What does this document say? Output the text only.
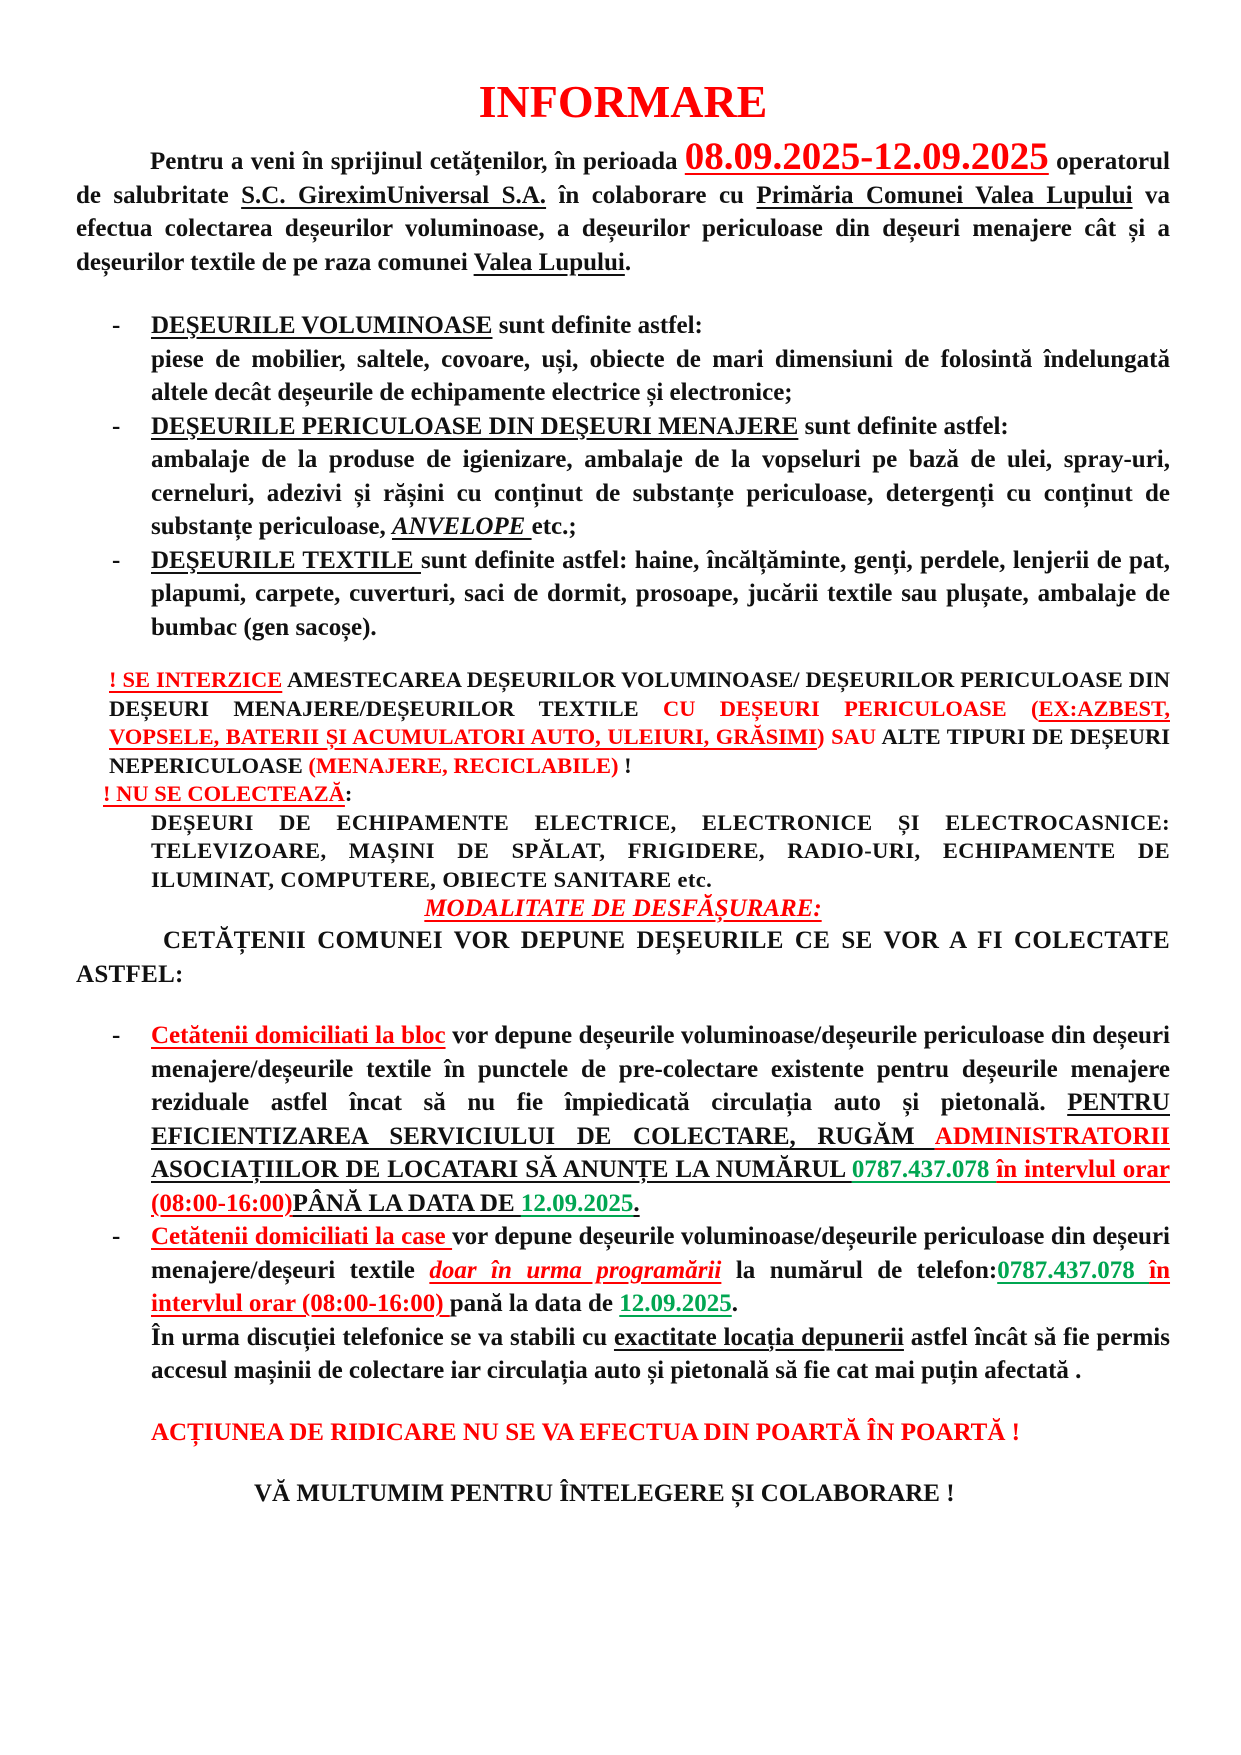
INFORMARE

Pentru a veni în sprijinul cetățenilor, în perioada 08.09.2025-12.09.2025 operatorul de salubritate S.C. GireximUniversal S.A. în colaborare cu Primăria Comunei Valea Lupului va efectua colectarea deșeurilor voluminoase, a deșeurilor periculoase din deșeuri menajere cât și a deșeurilor textile de pe raza comunei Valea Lupului.

- DEŞEURILE VOLUMINOASE sunt definite astfel:
piese de mobilier, saltele, covoare, uși, obiecte de mari dimensiuni de folosintă îndelungată altele decât deșeurile de echipamente electrice și electronice;
- DEŞEURILE PERICULOASE DIN DEŞEURI MENAJERE sunt definite astfel:
ambalaje de la produse de igienizare, ambalaje de la vopseluri pe bază de ulei, spray-uri, cerneluri, adezivi și rășini cu conținut de substanțe periculoase, detergenți cu conținut de substanțe periculoase, ANVELOPE etc.;
- DEŞEURILE TEXTILE sunt definite astfel: haine, încălțăminte, genți, perdele, lenjerii de pat, plapumi, carpete, cuverturi, saci de dormit, prosoape, jucării textile sau plușate, ambalaje de bumbac (gen sacoșe).
! SE INTERZICE AMESTECAREA DEȘEURILOR VOLUMINOASE/ DEȘEURILOR PERICULOASE DIN DEȘEURI MENAJERE/DEȘEURILOR TEXTILE CU DEȘEURI PERICULOASE (EX:AZBEST, VOPSELE, BATERII ȘI ACUMULATORI AUTO, ULEIURI, GRĂSIMI) SAU ALTE TIPURI DE DEȘEURI NEPERICULOASE (MENAJERE, RECICLABILE) !
! NU SE COLECTEAZĂ:
DEȘEURI DE ECHIPAMENTE ELECTRICE, ELECTRONICE ȘI ELECTROCASNICE: TELEVIZOARE, MAȘINI DE SPĂLAT, FRIGIDERE, RADIO-URI, ECHIPAMENTE DE ILUMINAT, COMPUTERE, OBIECTE SANITARE etc.

MODALITATE DE DESFĂȘURARE:

CETĂȚENII COMUNEI VOR DEPUNE DEȘEURILE CE SE VOR A FI COLECTATE ASTFEL:

- Cetătenii domiciliati la bloc vor depune deșeurile voluminoase/deșeurile periculoase din deșeuri menajere/deșeurile textile în punctele de pre-colectare existente pentru deșeurile menajere reziduale astfel încat să nu fie împiedicată circulația auto și pietonală. PENTRU EFICIENTIZAREA SERVICIULUI DE COLECTARE, RUGĂM ADMINISTRATORII ASOCIAȚIILOR DE LOCATARI SĂ ANUNȚE LA NUMĂRUL 0787.437.078 în intervlul orar (08:00-16:00)PÂNĂ LA DATA DE 12.09.2025.
- Cetătenii domiciliati la case vor depune deșeurile voluminoase/deșeurile periculoase din deșeuri menajere/deșeuri textile doar în urma programării la numărul de telefon:0787.437.078 în intervlul orar (08:00-16:00) pană la data de 12.09.2025.
În urma discuției telefonice se va stabili cu exactitate locația depunerii astfel încât să fie permis accesul mașinii de colectare iar circulația auto și pietonală să fie cat mai puțin afectată .

ACȚIUNEA DE RIDICARE NU SE VA EFECTUA DIN POARTĂ ÎN POARTĂ !

VĂ MULTUMIM PENTRU ÎNTELEGERE ȘI COLABORARE !
